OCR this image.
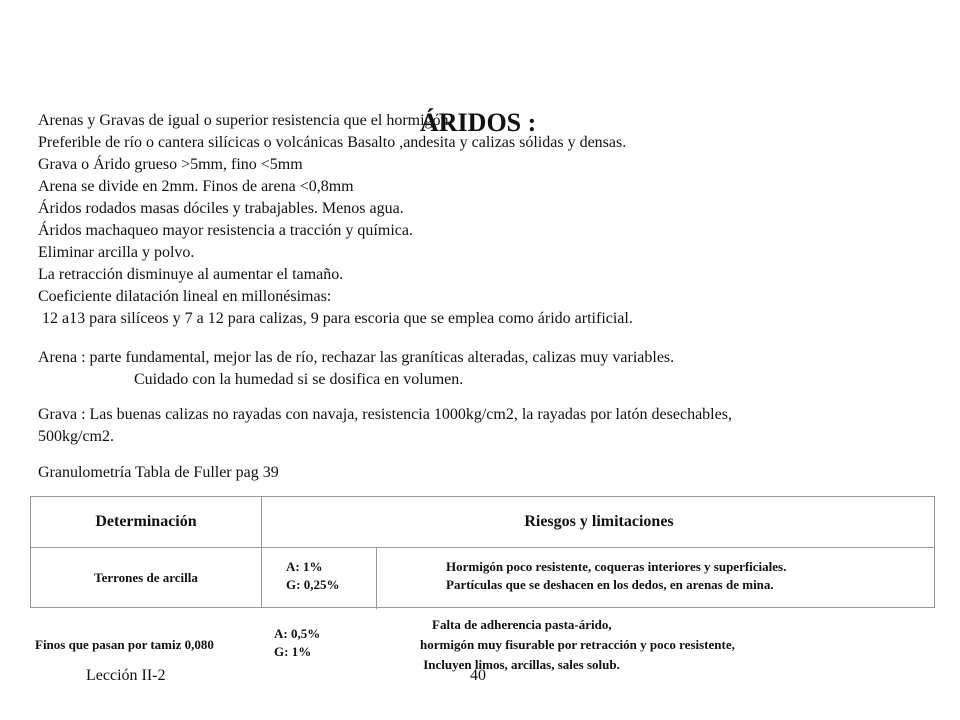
Arenas y Gravas de igual o superior resistencia que el hormigón.
Preferible de río o cantera silícicas o volcánicas Basalto ,andesita y calizas sólidas y densas.
Grava o Árido grueso >5mm, fino <5mm
Arena se divide en 2mm. Finos de arena <0,8mm
Áridos rodados masas dóciles y trabajables. Menos agua.
Áridos machaqueo mayor resistencia a tracción y química.
Eliminar arcilla y polvo.
La retracción disminuye al aumentar el tamaño.
Coeficiente dilatación lineal en millonésimas:
12 a13 para silíceos y 7 a 12 para calizas, 9 para escoria que se emplea como árido artificial.
ÁRIDOS :
Arena : parte fundamental, mejor las de río, rechazar las graníticas alteradas, calizas muy variables.
Cuidado con la humedad si se dosifica en volumen.
Grava : Las buenas calizas no rayadas con navaja, resistencia 1000kg/cm2, la rayadas por latón desechables,
500kg/cm2.
Granulometría Tabla de Fuller pag 39
Determinación	Riesgos y limitaciones
Terrones de arcilla
A: 1%
G: 0,25%
Hormigón poco resistente, coqueras interiores y superficiales.
Partículas que se deshacen en los dedos, en arenas de mina.
Finos que pasan por tamiz 0,080
A: 0,5%
G: 1%
Lección II-2	40
Falta de adherencia pasta-árido,
hormigón muy fisurable por retracción y poco resistente,
Incluyen limos, arcillas, sales solub.
